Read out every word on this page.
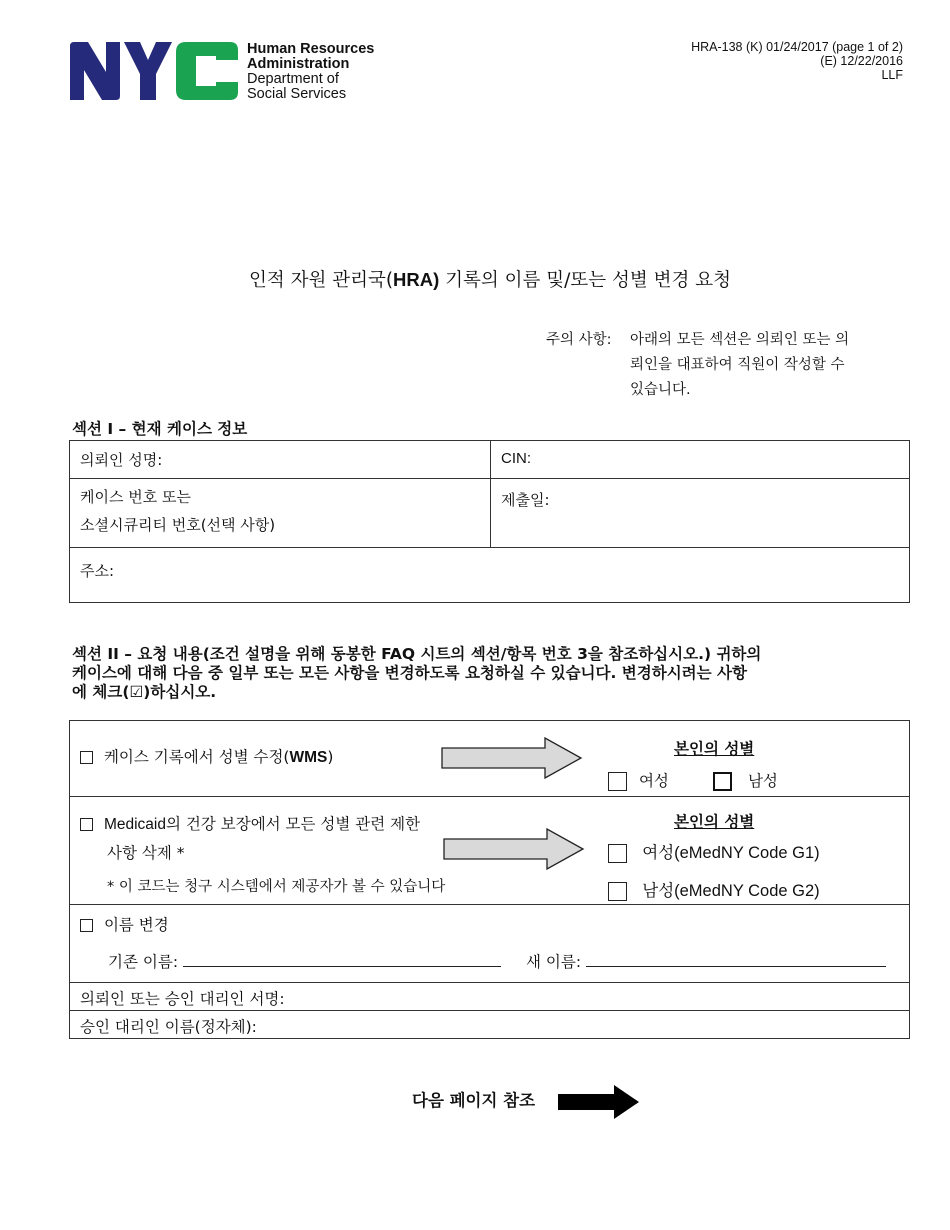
Human Resources
Administration
Department of
Social Services
HRA-138 (K) 01/24/2017 (page 1 of 2)
(E) 12/22/2016
LLF
인적 자원 관리국(HRA) 기록의 이름 및/또는 성별 변경 요청
주의 사항: 아래의 모든 섹션은 의뢰인 또는 의
뢰인을 대표하여 직원이 작성할 수
있습니다.
섹션 I – 현재 케이스 정보
의뢰인 성명:	CIN:

케이스 번호 또는
소셜시큐리티 번호(선택 사항)	제출일:
주소:	
섹션 II – 요청 내용(조건 설명을 위해 동봉한 FAQ 시트의 섹션/항목 번호 3을 참조하십시오.) 귀하의
케이스에 대해 다음 중 일부 또는 모든 사항을 변경하도록 요청하실 수 있습니다. 변경하시려는 사항
에 체크(☑)하십시오.
케이스 기록에서 성별 수정(WMS)	본인의 성별
여성	남성
Medicaid의 건강 보장에서 모든 성별 관련 제한
사항 삭제 *
* 이 코드는 청구 시스템에서 제공자가 볼 수 있습니다
본인의 성별
여성(eMedNY Code G1)
남성(eMedNY Code G2)
이름 변경
기존 이름:	새 이름:
의뢰인 또는 승인 대리인 서명:
승인 대리인 이름(정자체):
다음 페이지 참조
